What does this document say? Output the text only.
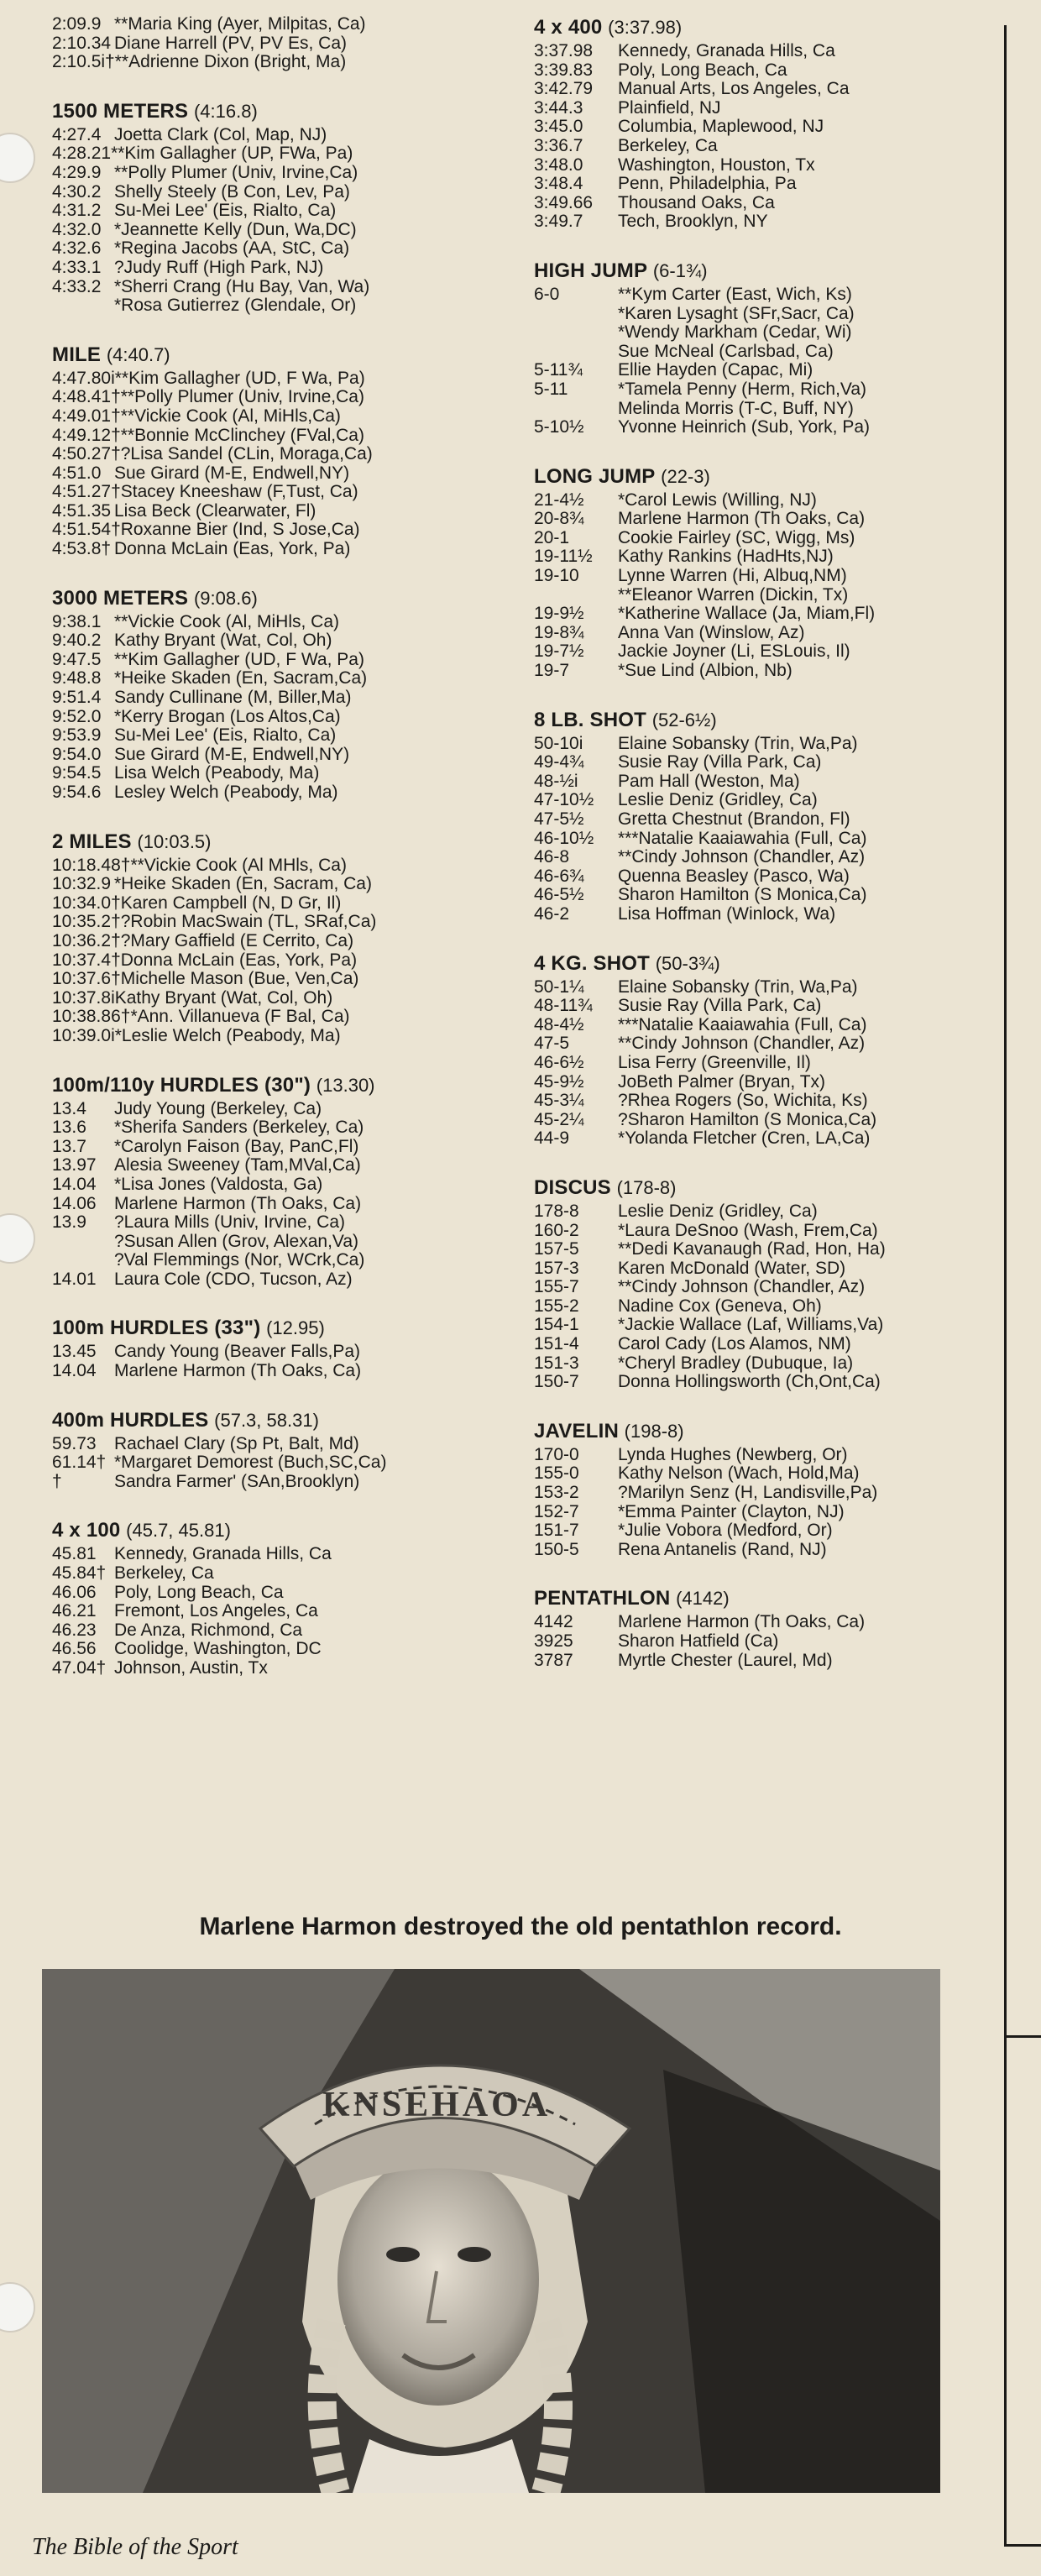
2:09.9 **Maria King (Ayer, Milpitas, Ca)
2:10.34 Diane Harrell (PV, PV Es, Ca)
2:10.5i† **Adrienne Dixon (Bright, Ma)
1500 METERS (4:16.8)
4:27.4 Joetta Clark (Col, Map, NJ)
4:28.21* *Kim Gallagher (UP, FWa, Pa)
4:29.9 **Polly Plumer (Univ, Irvine,Ca)
4:30.2 Shelly Steely (B Con, Lev, Pa)
4:31.2 Su-Mei Lee' (Eis, Rialto, Ca)
4:32.0 *Jeannette Kelly (Dun, Wa,DC)
4:32.6 *Regina Jacobs (AA, StC, Ca)
4:33.1 ?Judy Ruff (High Park, NJ)
4:33.2 *Sherri Crang (Hu Bay, Van, Wa)
*Rosa Gutierrez (Glendale, Or)
MILE (4:40.7)
4:47.80i **Kim Gallagher (UD, F Wa, Pa)
4:48.41† **Polly Plumer (Univ, Irvine,Ca)
4:49.01† **Vickie Cook (Al, MiHls,Ca)
4:49.12† **Bonnie McClinchey (FVal,Ca)
4:50.27† ?Lisa Sandel (CLin, Moraga,Ca)
4:51.0 Sue Girard (M-E, Endwell,NY)
4:51.27† Stacey Kneeshaw (F,Tust, Ca)
4:51.35 Lisa Beck (Clearwater, Fl)
4:51.54† Roxanne Bier (Ind, S Jose,Ca)
4:53.8† Donna McLain (Eas, York, Pa)
3000 METERS (9:08.6)
9:38.1 **Vickie Cook (Al, MiHls, Ca)
9:40.2 Kathy Bryant (Wat, Col, Oh)
9:47.5 **Kim Gallagher (UD, F Wa, Pa)
9:48.8 *Heike Skaden (En, Sacram,Ca)
9:51.4 Sandy Cullinane (M, Biller,Ma)
9:52.0 *Kerry Brogan (Los Altos,Ca)
9:53.9 Su-Mei Lee' (Eis, Rialto, Ca)
9:54.0 Sue Girard (M-E, Endwell,NY)
9:54.5 Lisa Welch (Peabody, Ma)
9:54.6 Lesley Welch (Peabody, Ma)
2 MILES (10:03.5)
10:18.48† **Vickie Cook (Al MHls, Ca)
10:32.9 *Heike Skaden (En, Sacram, Ca)
10:34.0† Karen Campbell (N, D Gr, Il)
10:35.2† ?Robin MacSwain (TL, SRaf,Ca)
10:36.2† ?Mary Gaffield (E Cerrito, Ca)
10:37.4† Donna McLain (Eas, York, Pa)
10:37.6† Michelle Mason (Bue, Ven,Ca)
10:37.8i Kathy Bryant (Wat, Col, Oh)
10:38.86† *Ann. Villanueva (F Bal, Ca)
10:39.0i *Leslie Welch (Peabody, Ma)
100m/110y HURDLES (30") (13.30)
13.4	Judy Young (Berkeley, Ca)
13.6	*Sherifa Sanders (Berkeley, Ca)
13.7	*Carolyn Faison (Bay, PanC,Fl)
13.97	Alesia Sweeney (Tam,MVal,Ca)
14.04	*Lisa Jones (Valdosta, Ga)
14.06	Marlene Harmon (Th Oaks, Ca)
13.9	?Laura Mills (Univ, Irvine, Ca)
?Susan Allen (Grov, Alexan,Va)
?Val Flemmings (Nor, WCrk,Ca)
14.01	Laura Cole (CDO, Tucson, Az)
100m HURDLES (33") (12.95)
13.45	Candy Young (Beaver Falls,Pa)
14.04	Marlene Harmon (Th Oaks, Ca)
400m HURDLES (57.3, 58.31)
59.73	Rachael Clary (Sp Pt, Balt, Md)
61.14† *Margaret Demorest (Buch,SC,Ca)
†	Sandra Farmer' (SAn,Brooklyn)
4 x 100 (45.7, 45.81)
45.81	Kennedy, Granada Hills, Ca
45.84† Berkeley, Ca
46.06	Poly, Long Beach, Ca
46.21	Fremont, Los Angeles, Ca
46.23	De Anza, Richmond, Ca
46.56	Coolidge, Washington, DC
47.04† Johnson, Austin, Tx
4 x 400 (3:37.98)
3:37.98	Kennedy, Granada Hills, Ca
3:39.83	Poly, Long Beach, Ca
3:42.79	Manual Arts, Los Angeles, Ca
3:44.3	Plainfield, NJ
3:45.0	Columbia, Maplewood, NJ
3:36.7	Berkeley, Ca
3:48.0	Washington, Houston, Tx
3:48.4	Penn, Philadelphia, Pa
3:49.66	Thousand Oaks, Ca
3:49.7	Tech, Brooklyn, NY
HIGH JUMP (6-1¾)
6-0	**Kym Carter (East, Wich, Ks)
*Karen Lysaght (SFr,Sacr, Ca)
*Wendy Markham (Cedar, Wi)
Sue McNeal (Carlsbad, Ca)
5-11¾	Ellie Hayden (Capac, Mi)
5-11	*Tamela Penny (Herm, Rich,Va)
Melinda Morris (T-C, Buff, NY)
5-10½	Yvonne Heinrich (Sub, York, Pa)
LONG JUMP (22-3)
21-4½	*Carol Lewis (Willing, NJ)
20-8¾	Marlene Harmon (Th Oaks, Ca)
20-1	Cookie Fairley (SC, Wigg, Ms)
19-11½	Kathy Rankins (HadHts,NJ)
19-10	Lynne Warren (Hi, Albuq,NM)
**Eleanor Warren (Dickin, Tx)
19-9½	*Katherine Wallace (Ja, Miam,Fl)
19-8¾	Anna Van (Winslow, Az)
19-7½	Jackie Joyner (Li, ESLouis, Il)
19-7	*Sue Lind (Albion, Nb)
8 LB. SHOT (52-6½)
50-10i	Elaine Sobansky (Trin, Wa,Pa)
49-4¾	Susie Ray (Villa Park, Ca)
48-½i	Pam Hall (Weston, Ma)
47-10½	Leslie Deniz (Gridley, Ca)
47-5½	Gretta Chestnut (Brandon, Fl)
46-10½	***Natalie Kaaiawahia (Full, Ca)
46-8	**Cindy Johnson (Chandler, Az)
46-6¾	Quenna Beasley (Pasco, Wa)
46-5½	Sharon Hamilton (S Monica,Ca)
46-2	Lisa Hoffman (Winlock, Wa)
4 KG. SHOT (50-3¾)
50-1¼	Elaine Sobansky (Trin, Wa,Pa)
48-11¾	Susie Ray (Villa Park, Ca)
48-4½	***Natalie Kaaiawahia (Full, Ca)
47-5	**Cindy Johnson (Chandler, Az)
46-6½	Lisa Ferry (Greenville, Il)
45-9½	JoBeth Palmer (Bryan, Tx)
45-3¼	?Rhea Rogers (So, Wichita, Ks)
45-2¼	?Sharon Hamilton (S Monica,Ca)
44-9	*Yolanda Fletcher (Cren, LA,Ca)
DISCUS (178-8)
178-8	Leslie Deniz (Gridley, Ca)
160-2	*Laura DeSnoo (Wash, Frem,Ca)
157-5	**Dedi Kavanaugh (Rad, Hon, Ha)
157-3	Karen McDonald (Water, SD)
155-7	**Cindy Johnson (Chandler, Az)
155-2	Nadine Cox (Geneva, Oh)
154-1	*Jackie Wallace (Laf, Williams,Va)
151-4	Carol Cady (Los Alamos, NM)
151-3	*Cheryl Bradley (Dubuque, Ia)
150-7	Donna Hollingsworth (Ch,Ont,Ca)
JAVELIN (198-8)
170-0	Lynda Hughes (Newberg, Or)
155-0	Kathy Nelson (Wach, Hold,Ma)
153-2	?Marilyn Senz (H, Landisville,Pa)
152-7	*Emma Painter (Clayton, NJ)
151-7	*Julie Vobora (Medford, Or)
150-5	Rena Antanelis (Rand, NJ)
PENTATHLON (4142)
4142	Marlene Harmon (Th Oaks, Ca)
3925	Sharon Hatfield (Ca)
3787	Myrtle Chester (Laurel, Md)
Marlene Harmon destroyed the old pentathlon record.
KNSEHAOA
The Bible of the Sport
